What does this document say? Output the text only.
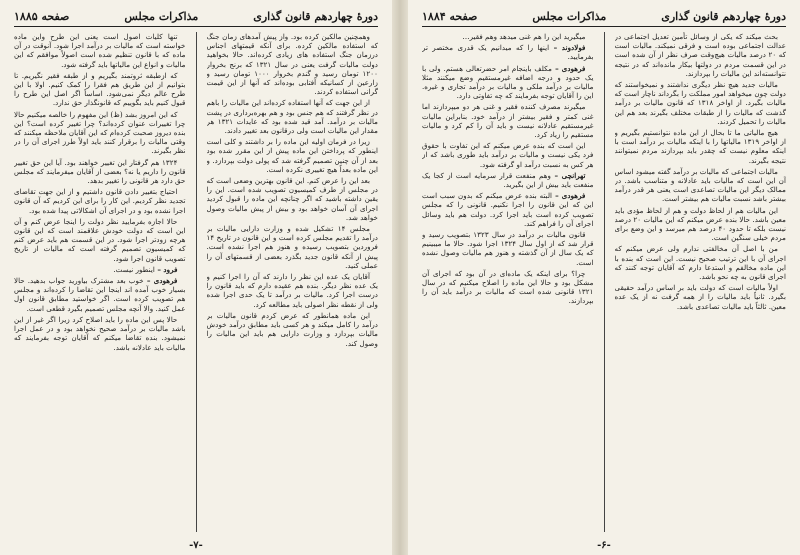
دورهٔ چهاردهم قانون گذاری
مذاکرات مجلس
صفحه ۱۸۸۵

وهمچنین مالکین کرده بود. واز پیش آمدهای زمان جنگ که استفاده مالکین کرده. برای آنکه قیمتهای اجناس درزمان جنگ استفاده های زیادی کرده‌اند. حالا بخواهید دولت مالیات گرفت یعنی در سال ۱۳۲۱ که برنج بخروار ۱۲۰۰ تومان رسید و گندم بخروار ۱۰۰۰ تومان رسید و زارعین از کسانیکه آفتابی بوده‌اند که آنها از این قیمت گرانی استفاده کردند.

از این جهت که آنها استفاده کرده‌اند این مالیات را باهم در نظر گرفتند که هم جنس بود و هم بهره‌برداری در پشت مالیات بر درآمد. آمد قید شده بود که عایدات ۱۳۲۱ هر مقدار این مالیات است ولی درقانون بعد تغییر دادند.

زیرا در فرمان اولیه این ماده را بر داشتند و کلی است اینطور که پرداختن این ماده پیش از این مقرر شده بود بعد از آن چنین تصمیم گرفته شد که پولی دولت بپردازد. و این ماده بعداً هیچ تغییری نکرده است.

بعد این را عرض کنم. این قانون بهترین وضعی است که در مجلس از طرف کمیسیون تصویب شده است. این را یقین داشته باشید که اگر چنانچه این ماده را قبول کردید اجرای آن آسان خواهد بود و بیش از پیش مالیات وصول خواهد شد.

مجلس ۱۴ تشکیل شده و وزارت دارایی مالیات بر درآمد را تقدیم مجلس کرده است و این قانون در تاریخ ۱۴ فروردین بتصویب رسیده و هنوز هم اجرا نشده است. پیش از آنکه قانون جدید بگذرد بعضی از قسمتهای آن را عملی کنید.

آقایان یک عده این نظر را دارند که آن را اجرا کنیم و یک عده نظر دیگر. بنده هم عقیده دارم که باید قانون را درست اجرا کرد. مالیات بر درآمد تا یک حدی اجرا شده ولی از نقطه نظر اصولی باید مطالعه کرد.

این ماده همانطور که عرض کردم قانون مالیات بر درآمد را کامل میکند و هر کسی باید مطابق درآمد خودش مالیات بپردازد و وزارت دارایی هم باید این مالیات را وصول کند.

تنها کلیات اصول است یعنی این طرح واین ماده خواسته است که مالیات بر درآمد اجرا شود. آنوقت در آن ماده که با قانون تنظیم شده است اصولاً موافقم که این مالیات و انواع این مالیاتها باید گرفته شود.

که ازطبقه ثروتمند بگیریم و از طبقه فقیر نگیریم. تا بتوانیم از این طریق هم فقرا را کمک کنیم. اولا با این طرح عالم دیگر نمی‌شود. اساساً اگر اصل این طرح را قبول کنیم باید بگوییم که قانونگذار حق ندارد.

که این امروز بشد (ظ) این مفهوم را خالصه میکنیم حالا چرا تغییرات عنوان کرده‌اند؟ چرا تغییر کرده ‌است؟ این بنده دیروز صحبت کرده‌ام که این آقایان ملاحظه میکنند که وقتی مالیات را ‌برقرار کنند باید اولاً طرز اجرای آن را در نظر بگیرند.

۱۳۲۴ هم گرفتار این تغییر خواهند بود. آیا این حق تغییر قانون را داریم یا نه؟ بعضی از آقایان میفرمایند که مجلس حق دارد هر قانونی را تغییر بدهد.

احتیاج بتغییر دادن قانون داشتیم و از این جهت تقاضای تجدید نظر کردیم. این کار را برای این کردیم که آن قانون اجرا نشده بود و در اجرای آن اشکالاتی پیدا شده بود.

حالا اجازه بفرمایید نظر دولت را اینجا عرض کنم و آن این است که دولت خودش علاقمند است که این قانون هرچه زودتر اجرا شود. در این قسمت هم باید عرض کنم که کمیسیون تصمیم گرفته است که مالیات از تاریخ تصویب قانون اجرا شود.

فرود – اینطور نیست.

فرهودی – خوب ‌بعد مشترک ‌بیاورید جواب بدهید. حالا بسیار خوب آمده اند اینجا این تقاضا را کرده‌اند و مجلس هم تصویب کرده است. اگر خواستید مطابق قانون اول عمل کنید. والا آنچه مجلس تصمیم بگیرد قطعی است.

حالا پس این ماده را باید اصلاح کرد زیرا اگر غیر از این باشد مالیات بر درآمد صحیح نخواهد بود و در عمل اجرا نمیشود. بنده تقاضا میکنم که آقایان توجه بفرمایند که مالیات باید عادلانه باشد.

-۷-
دورهٔ چهاردهم قانون گذاری
مذاکرات مجلس
صفحه ۱۸۸۴

بحث میکند که یکی از وسائل تأمین تعدیل اجتماعی در عدالت اجتماعی بوده است و فرقی نمیکند. مالیات است که ۲۰ ‌درصد مالیات هیچ‌وقت صرف نظر از آن شده است در این قسمت مردم در دولتها بیکار مانده‌اند که در نتیجه نتوانسته‌اند این مالیات را بپردازند.

مالیات جدید هیچ نظر دیگری نداشتند و نمیخواستند که دولت چون میخواهد امور مملکت را بگرداند ناچار است که مالیات بگیرد. از اواخر ۱۳۱۸ که قانون مالیات بر درآمد گذشت که مالیات را از طبقات مختلف بگیرند بعد هم این مالیات را تحمیل کردند.

هیچ مالیاتی ما تا بحال از این ماده نتوانستیم بگیریم و از اواخر ۱۳۱۹ مالیاتها را با اینکه مالیات بر درآمد است با اینکه معلوم نیست که چقدر باید بپردازند مردم نمیتوانند نتیجه بگیرند.

مالیات اجتماعی که مالیات بر درآمد گفته میشود اساس آن این است که مالیات باید عادلانه و متناسب باشد. در ممالک دیگر این مالیات تصاعدی است یعنی هر قدر درآمد بیشتر باشد نسبت مالیات هم بیشتر است.

این مالیات هم از لحاظ دولت و هم از لحاظ مؤدی باید معین باشد. حالا بنده عرض میکنم که این مالیات ۲۰ درصد نیست بلکه تا حدود ۴۰ درصد هم میرسد و این وضع برای مردم خیلی سنگین است.

من با اصل آن مخالفتی ندارم ولی عرض میکنم که اجرای آن با این ترتیب صحیح نیست. این است که بنده با این ماده مخالفم و استدعا دارم که آقایان توجه کنند که اجرای قانون به چه نحو باشد.

اولاً مالیات است که دولت باید بر اساس درآمد حقیقی بگیرد. ثانیاً باید مالیات را از همه گرفت نه از یک عده معین. ثالثاً باید مالیات تصاعدی باشد.

میگیرید این را هم غنی میدهد وهم فقیر…

فولادوند – اینها را که میدانیم یک قدری مختصر تر بفرمایید.

فرهودی – مکلف باینجام امر حضرتعالی هستم. ولی با یک حدود و درجه اضافه غیرمستقیم وضع میکنند مثلا مالیات بر درآمد ملکی و مالیات بر درآمد تجاری و غیره. این را آقایان توجه بفرمایند که چه تفاوتی دارد.

میگیرند مصرف کننده فقیر و غنی هر دو میپردازند اما غنی کمتر و فقیر بیشتر از درآمد خود. بنابراین مالیات غیرمستقیم عادلانه نیست و باید آن را کم کرد و مالیات مستقیم را زیاد کرد.

این است که بنده عرض میکنم که این تفاوت با حقوق فرد یکی نیست و مالیات بر درآمد باید طوری باشد که از هر کس به نسبت درآمد او گرفته شود.

تهرانچی – وهم منفعت قرار سرمایه است از کجا یک منفعت باید بیش از این بگیرید.

فرهودی – البته بنده عرض میکنم که بدون سبب است این که این قانون را اجرا نکنیم. قانونی را که مجلس تصویب کرده است باید اجرا کرد. دولت هم باید وسائل اجرای آن را فراهم کند.

قانون مالیات بر درآمد در سال ۱۳۲۳ بتصویب رسید و قرار شد که از اول سال ۱۳۲۴ اجرا شود. حالا ما میبینیم که یک سال از آن گذشته و هنوز هم مالیات وصول نشده است.

چرا؟ برای اینکه یک ماده‌ای در آن بود که اجرای آن مشکل بود و حالا این ماده را اصلاح میکنیم که در سال ۱۳۲۱ قانونی شده است که مالیات بر درآمد باید آن را بپردازند.

-۶-
